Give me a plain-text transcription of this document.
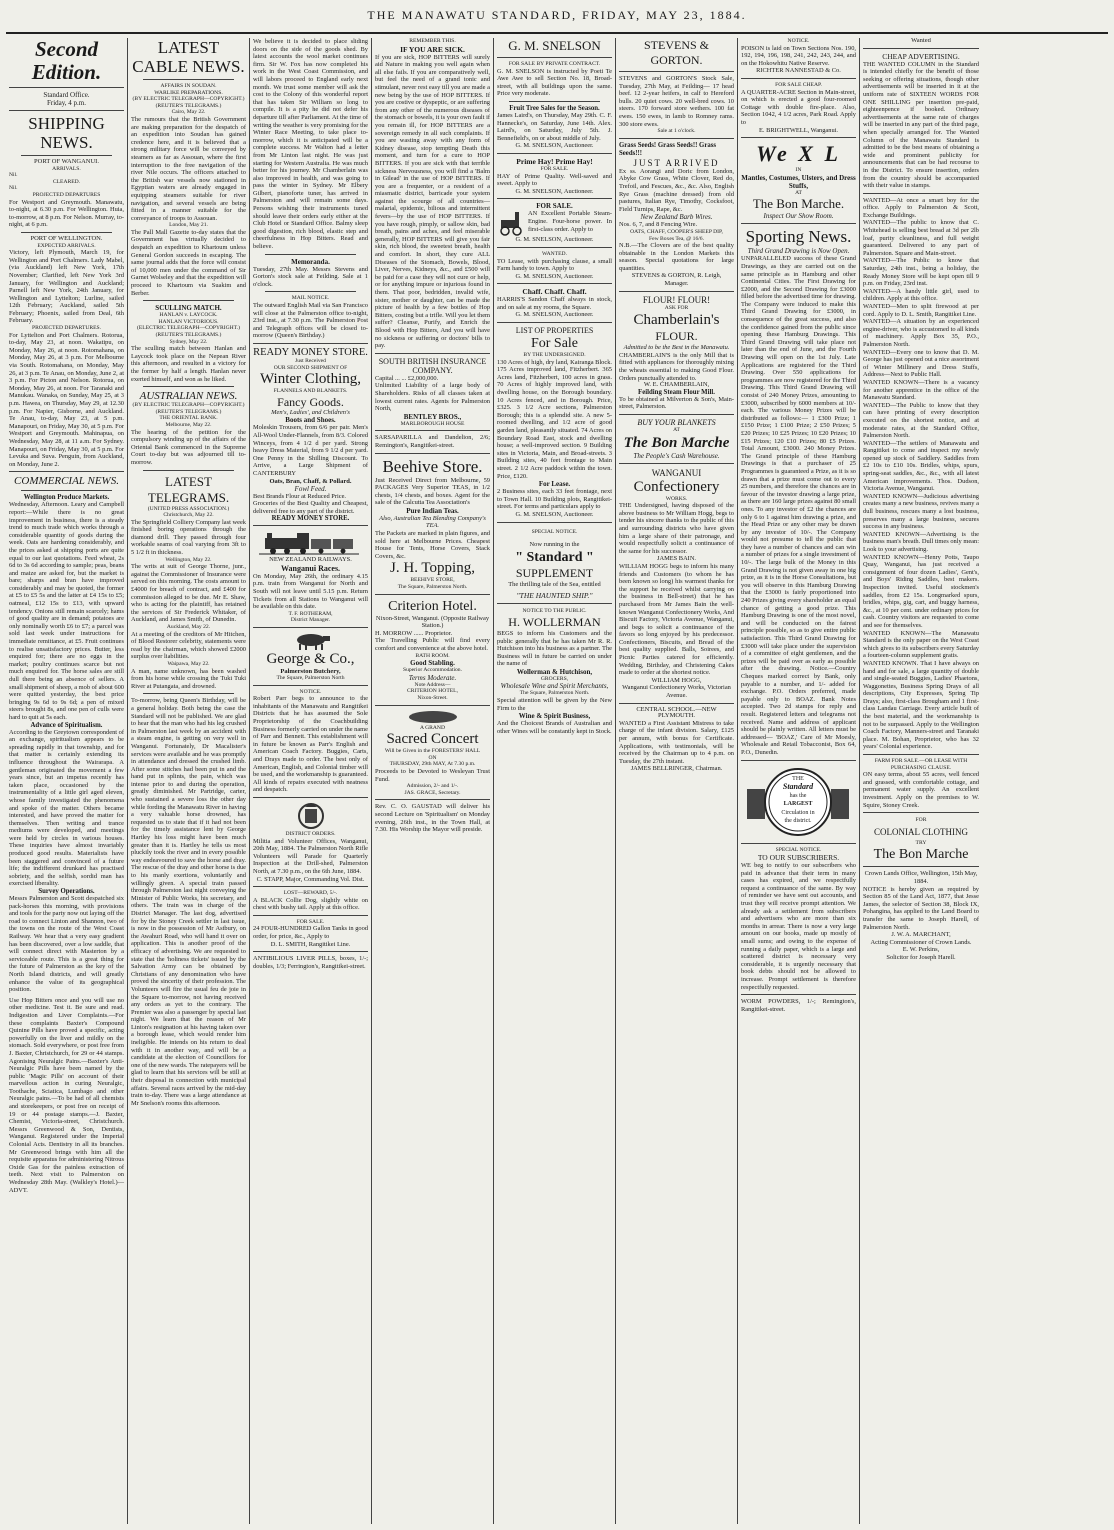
THE MANAWATU STANDARD, FRIDAY, MAY 23, 1884.
Second Edition.
Standard Office.
Friday, 4 p.m.
SHIPPING NEWS.
PORT OF WANGANUI.
ARRIVALS.
Nil.
CLEARED.
Nil.
PROJECTED DEPARTURES
For Westport and Greymouth. Manawatu, to-night, at 6.30 p.m. For Wellington. Huia, to-morrow, at 8 p.m. For Nelson. Murray, to-night, at 6 p.m.
PORT OF WELLINGTON.
EXPECTED ARRIVALS.
Victory, left Plymouth, March 19, for Wellington and Port Chalmers. Lady Mabel, (via Auckland) left New York, 17th November; Clarified, left New York 3rd January, for Wellington and Auckland; Parnell left New York, 24th January, for Wellington and Lyttelton; Lurline, sailed 12th February; Auckland, sailed 5th February; Phoenix, sailed from Deal, 6th February.
PROJECTED DEPARTURES.
For Lyttelton and Port Chalmers. Rotorua, to-day, May 23, at noon. Wakatipu, on Monday, May 26, at noon. Rotomahana, on Monday, May 26, at 3 p.m. For Melbourne via South. Rotomahana, on Monday, May 26, at 3 p.m. Te Anau, on Monday, June 2, at 3 p.m. For Picton and Nelson. Rotorua, on Monday, May 26, at noon. For Taranaki and Manukau. Wanaka, on Sunday, May 25, at 3 p.m. Hawea, on Thursday, May 29, at 12.30 p.m. For Napier, Gisborne, and Auckland. Te Anau, to-day, May 23, at 5 p.m. Manapouri, on Friday, May 30, at 5 p.m. For Westport and Greymouth. Mahinapua, on Wednesday, May 28, at 11 a.m. For Sydney. Manapouri, on Friday, May 30, at 5 p.m. For Levuka and Suva. Penguin, from Auckland, on Monday, June 2.
COMMERCIAL NEWS.
Wellington Produce Markets.
Wednesday, Afternoon. Leary and Campbell report:—While there is no great improvement in business, there is a steady trend to much trade which works through a considerable quantity of goods during the week. Oats are hardening considerably, and the prices asked at shipping ports are quite equal to our last quotations. Feed wheat, 2s 6d to 3s 6d according to sample; peas, beans and maize are asked for, but the market is bare; sharps and bran have improved considerably and may be quoted, the former at £5 to £5 5s and the latter at £4 15s to £5; oatmeal, £12 15s to £13, with upward tendency. Onions still remain scarcely; hams of good quality are in demand; potatoes are only nominally worth £6 to £7; a parcel was sold last week under instructions for immediate remittance, at £5. Fruit continues to realise unsatisfactory prices. Butter, less enquired for; there are no eggs in the market; poultry continues scarce but not much enquired for. The horse sales are still dull there being an absence of sellers. A small shipment of sheep, a mob of about 600 were quitted yesterday, the best price bringing 9s 6d to 9s 6d; a pen of mixed steers brought 8s, and one pen of culls were hard to quit at 5s each.
Advance of Spiritualism.
According to the Greytown correspondent of an exchange, spiritualism appears to be spreading rapidly in that township, and for that matter is certainly extending its influence throughout the Wairarapa. A gentleman originated the movement a few years since, but an impetus recently has taken place, occasioned by the instrumentality of a little girl aged eleven, whose family investigated the phenomena and spoke of the matter. Others became interested, and have proved the matter for themselves. Then writing and trance mediums were developed, and meetings were held by circles in various houses. These inquiries have almost invariably produced good results. Materialists have been staggered and convinced of a future life; the indifferent drunkard has practised sobriety, and the selfish, sordid man has exercised liberality.
Survey Operations.
Messrs Palmerston and Scott despatched six pack-horses this morning, with provisions and tools for the party now out laying off the road to connect Linton and Shannon, two of the towns on the route of the West Coast Railway. We hear that a very easy gradient has been discovered, over a low saddle, that will connect direct with Masterton by a serviceable route. This is a great thing for the future of Palmerston as the key of the North Island districts, and will greatly enhance the value of its geographical position.
Use Hop Bitters once and you will use no other medicine. Test it. Be sure and read. Indigestion and Liver Complaints.—For these complaints Baxter's Compound Quinine Pills have proved a specific, acting powerfully on the liver and mildly on the stomach. Sold everywhere, or post free from J. Baxter, Christchurch, for 29 or 44 stamps. Agonising Neuralgic Pains.—Baxter's Anti-Neuralgic Pills have been named by the public 'Magic Pills' on account of their marvellous action in curing Neuralgic, Toothache, Sciatica, Lumbago and other Neuralgic pains.—To be had of all chemists and storekeepers, or post free on receipt of 19 or 44 postage stamps.—J. Baxter, Chemist, Victoria-street, Christchurch. Messrs Greenwood & Son, Dentists, Wanganui. Registered under the Imperial Colonial Acts. Dentistry in all its branches. Mr Greenwood brings with him all the requisite apparatus for administering Nitrous Oxide Gas for the painless extraction of teeth. Next visit to Palmerston on Wednesday 28th May. (Walkley's Hotel.)—ADVT.
LATEST CABLE NEWS.
AFFAIRS IN SOUDAN.
WARLIKE PREPARATIONS.
(BY ELECTRIC TELEGRAPH—COPYRIGHT.) (REUTER'S TELEGRAMS.)
Cairo, May 22.
The rumours that the British Government are making preparation for the despatch of an expedition into Soudan has gained credence here, and it is believed that a strong military force will be conveyed by steamers as far as Assouan, where the first interruption to the free navigation of the river Nile occurs. The officers attached to the British war vessels now stationed in Egyptian waters are already engaged in equipping steamers suitable for river navigation, and several vessels are being fitted in a manner suitable for the conveyance of troops to Assouan.
London, May 21.
The Pall Mall Gazette to-day states that the Government has virtually decided to despatch an expedition to Khartoum unless General Gordon succeeds in escaping. The same journal adds that the force will consist of 10,000 men under the command of Sir Garnet Wolseley and that the expedition will proceed to Khartoum via Suakim and Berber.
SCULLING MATCH.
HANLAN v. LAYCOCK.
HANLAN VICTORIOUS.
(ELECTRIC TELEGRAPH—COPYRIGHT.) (REUTER'S TELEGRAMS.)
Sydney, May 22.
The sculling match between Hanlan and Laycock took place on the Nepean River this afternoon, and resulted in a victory for the former by half a length. Hanlan never exerted himself, and won as he liked.
AUSTRALIAN NEWS.
(BY ELECTRIC TELEGRAPH—COPYRIGHT.) (REUTER'S TELEGRAMS.)
THE ORIENTAL BANK.
Melbourne, May 22.
The hearing of the petition for the compulsory winding up of the affairs of the Oriental Bank commenced in the Supreme Court to-day but was adjourned till to-morrow.
LATEST TELEGRAMS.
(UNITED PRESS ASSOCIATION.)
Christchurch, May 22.
The Springfield Colliery Company last week finished boring operations through the diamond drill. They passed through four workable seams of coal varying from 3ft to 5 1/2 ft in thickness.
Wellington, May 22.
The writs at suit of George Thorne, junr., against the Commissioner of Insurance were served on this morning. The costs amount to £4000 for breach of contract, and £400 for commission alleged to be due. Mr E. Shaw, who is acting for the plaintiff, has retained the services of Sir Frederick Whitaker, of Auckland, and James Smith, of Dunedin.
Auckland, May 22.
At a meeting of the creditors of Mr Hitchen, of Blood Restorer celebrity, statements were read by the chairman, which showed £2000 surplus over liabilities.
Waipawa, May 22.
A man, name unknown, has been washed from his horse while crossing the Tuki Tuki River at Putangata, and drowned.
To-morrow, being Queen's Birthday, will be a general holiday. Both being the case the Standard will not be published. We are glad to hear that the man who had his leg crushed in Palmerston last week by an accident with a steam engine, is getting on very well in Wanganui. Fortunately, Dr Macalister's services were available and he was promptly in attendance and dressed the crushed limb. After some stitches had been put in and the hand put in splints, the pain, which was intense prior to and during the operation, greatly diminished. Mr Partridge, carter, who sustained a severe loss the other day while fording the Manawatu River in having a very valuable horse drowned, has requested us to state that if it had not been for the timely assistance lent by George Hartley his loss might have been much greater than it is. Hartley he tells us most pluckily took the river and in every possible way endeavoured to save the horse and dray. The rescue of the dray and other horse is due to his manly exertions, voluntarily and willingly given. A special train passed through Palmerston last night conveying the Minister of Public Works, his secretary, and others. The train was in charge of the District Manager. The last dog, advertised for by the Stoney Creek settler in last issue, is now in the possession of Mr Astbury, on the Awahuri Road, who will hand it over on application. This is another proof of the efficacy of advertising. We are requested to state that the 'holiness tickets' issued by the Salvation Army can be obtained by Christians of any denomination who have proved the sincerity of their profession. The Volunteers will fire the usual feu de joie in the Square to-morrow, not having received any orders as yet to the contrary. The Premier was also a passenger by special last night. We learn that the reason of Mr Linton's resignation at his having taken over a borough lease, which would render him ineligible. He intends on his return to deal with it in another way, and will be a candidate at the election of Councillors for one of the new wards. The ratepayers will be glad to learn that his services will be still at their disposal in connection with municipal affairs. Several races arrived by the mid-day train to-day. There was a large attendance at Mr Snelson's rooms this afternoon.
We believe it is decided to place sliding doors on the side of the goods shed. By latest accounts the wool market continues firm. Sir W. Fox has now completed his work in the West Coast Commission, and will labors proceed to England early next month. We trust some member will ask the cost to the Colony of this wonderful report that has taken Sir William so long to compile. It is a pity he did not defer his departure till after Parliament. At the time of writing the weather is very promising for the Winter Race Meeting, to take place to-morrow, which it is anticipated will be a complete success. Mr Walton had a letter from Mr Linton last night. He was just starting for Western Australia. He was much better for his journey. Mr Chamberlain was also improved in health, and was going to pass the winter in Sydney. Mr Elbery Gilbert, pianoforte tuner, has arrived in Palmerston and will remain some days. Persons wishing their instruments tuned should leave their orders early either at the Club Hotel or Standard Office. Balmy sleep good digestion, rich blood, elastic step and cheerfulness in Hop Bitters. Read and believe.
Memoranda.
Tuesday, 27th May. Messrs Stevens and Gorton's stock sale at Feilding. Sale at 1 o'clock.
MAIL NOTICE.
The outward English Mail via San Francisco will close at the Palmerston office to-night, 23rd inst., at 7.30 p.m. The Palmerston Post and Telegraph offices will be closed to-morrow (Queen's Birthday.)
READY MONEY STORE.
Just Received
OUR SECOND SHIPMENT OF
Winter Clothing,
FLANNELS AND BLANKETS.
Fancy Goods.
Men's, Ladies', and Children's
Boots and Shoes.
Moleskin Trousers, from 6/6 per pair. Men's All-Wool Under-Flannels, from 8/3. Colored Winceys, from 4 1/2 d per yard. Strong heavy Dress Material, from 9 1/2 d per yard. One Penny in the Shilling Discount. To Arrive, a Large Shipment of CANTERBURY
Oats, Bran, Chaff, & Pollard.
Fowl Feed.
Best Brands Flour at Reduced Price.
Groceries of the Best Quality and Cheapest, delivered free to any part of the district.
READY MONEY STORE.
NEW ZEALAND RAILWAYS.
Wanganui Races.
On Monday, May 26th, the ordinary 4.15 p.m. train from Wanganui for North and South will not leave until 5.15 p.m. Return Tickets from all Stations to Wanganui will be available on this date.
T. F. ROTHERAM,
District Manager.
George & Co.,
Palmerston Butchery,
The Square, Palmerston North
NOTICE.
Robert Parr begs to announce to the inhabitants of the Manawatu and Rangitikei Districts that he has assumed the Sole Proprietorship of the Coachbuilding Business formerly carried on under the name of Parr and Bennett. This establishment will in future be known as Parr's English and American Coach Factory. Buggies, Carts, and Drays made to order. The best only of American, English, and Colonial timber will be used, and the workmanship is guaranteed. All kinds of repairs executed with neatness and despatch.
DISTRICT ORDERS.
Militia and Volunteer Offices, Wanganui, 20th May, 1884. The Palmerston North Rifle Volunteers will Parade for Quarterly Inspection at the Drill-shed, Palmerston North, at 7.30 p.m., on the 6th June, 1884.
C. STAPP, Major, Commanding Vol. Dist.
LOST—REWARD, 5/-.
A BLACK Collie Dog, slightly white on chest with bushy tail. Apply at this office.
FOR SALE.
24 FOUR-HUNDRED Gallon Tanks in good order, for price, &c., Apply to
D. L. SMITH, Rangitikei Line.
ANTIBILIOUS LIVER PILLS, boxes, 1/-; doubles, 1/3; Ferrington's, Rangitikei-street.
REMEMBER THIS.
IF YOU ARE SICK.
If you are sick, HOP BITTERS will surely aid Nature in making you well again when all else fails. If you are comparatively well, but feel the need of a grand tonic and stimulant, never rest easy till you are made a new being by the use of HOP BITTERS. If you are costive or dyspeptic, or are suffering from any other of the numerous diseases of the stomach or bowels, it is your own fault if you remain ill, for HOP BITTERS are a sovereign remedy in all such complaints. If you are wasting away with any form of Kidney disease, stop tempting Death this moment, and turn for a cure to HOP BITTERS. If you are sick with that terrible sickness Nervousness, you will find a 'Balm in Gilead' in the use of HOP BITTERS. If you are a frequenter, or a resident of a miasmatic district, barricade your system against the scourge of all countries—malarial, epidemic, bilious and intermittent fevers—by the use of HOP BITTERS. If you have rough, pimply, or sallow skin, bad breath, pains and aches, and feel miserable generally, HOP BITTERS will give you fair skin, rich blood, the sweetest breath, health and comfort. In short, they cure ALL Diseases of the Stomach, Bowels, Blood, Liver, Nerves, Kidneys, &c., and £500 will be paid for a case they will not cure or help, or for anything impure or injurious found in them. That poor, bedridden, invalid wife, sister, mother or daughter, can be made the picture of health by a few bottles of Hop Bitters, costing but a trifle. Will you let them suffer? Cleanse, Purify, and Enrich the Blood with Hop Bitters, And you will have no sickness or suffering or doctors' bills to pay.
SOUTH BRITISH INSURANCE COMPANY.
Capital ... ... £2,000,000.
Unlimited Liability of a large body of Shareholders. Risks of all classes taken at lowest current rates. Agents for Palmerston North,
BENTLEY BROS.,
MARLBOROUGH HOUSE
SARSAPARILLA and Dandelion, 2/6; Remington's, Rangitikei-street.
Beehive Store.
Just Received Direct from Melbourne, 59 PACKAGES Very Superior TEAS, in 1/2 chests, 1/4 chests, and boxes. Agent for the sale of the Calcutta Tea Association's
Pure Indian Teas.
Also, Australian Tea Blending Company's TEA.
The Packets are marked in plain figures, and sold here at Melbourne Prices. Cheapest House for Tents, Horse Covers, Stack Covers, &c.
J. H. Topping,
BEEHIVE STORE,
The Square, Palmerston North.
Criterion Hotel.
Nixon-Street, Wanganui. (Opposite Railway Station.)
H. MORROW ...... Proprietor.
The Travelling Public will find every comfort and convenience at the above hotel.
BATH ROOM.
Good Stabling.
Superior Accommodation.
Terms Moderate.
Note Address—
CRITERION HOTEL,
Nixon-Street.
A GRAND
Sacred Concert
Will be Given in the FORESTERS' HALL
ON
THURSDAY, 29th MAY, At 7.30 p.m.
Proceeds to be Devoted to Wesleyan Trust Fund.
Admission, 2/- and 1/-.
JAS. GRACE, Secretary.
Rev. C. O. GAUSTAD will deliver his second Lecture on 'Spiritualism' on Monday evening, 26th inst., in the Town Hall, at 7.30. His Worship the Mayor will preside.
G. M. SNELSON
FOR SALE BY PRIVATE CONTRACT.
G. M. SNELSON is instructed by Poeti Te Awe Awe to sell Section No. 18, Broad-street, with all buildings upon the same. Price very moderate.
Fruit Tree Sales for the Season.
James Laird's, on Thursday, May 29th. C. F. Hannecke's, on Saturday, June 14th. Alex. Laird's, on Saturday, July 5th. J. Bennefield's, on or about middle of July.
G. M. SNELSON, Auctioneer.
Prime Hay! Prime Hay!
FOR SALE.
HAY of Prime Quality. Well-saved and sweet. Apply to
G. M. SNELSON, Auctioneer.
FOR SALE.
AN Excellent Portable Steam-Engine. Four-horse power. In first-class order. Apply to
G. M. SNELSON, Auctioneer.
WANTED.
TO Lease, with purchasing clause, a small Farm handy to town. Apply to
G. M. SNELSON, Auctioneer.
Chaff. Chaff. Chaff.
HARRIS'S Sandon Chaff always in stock, and on sale at my rooms, the Square.
G. M. SNELSON, Auctioneer.
LIST OF PROPERTIES
For Sale
BY THE UNDERSIGNED.
130 Acres of high, dry land, Kairanga Block. 175 Acres improved land, Fitzherbert. 365 Acres land, Fitzherbert, 100 acres in grass. 70 Acres of highly improved land, with dwelling house, on the Borough boundary. 10 Acres fenced, and in Borough. Price, £325. 3 1/2 Acre sections, Palmerston Borough; this is a splendid site. A new 5-roomed dwelling, and 1/2 acre of good garden land, pleasantly situated. 74 Acres on Boundary Road East, stock and dwelling house; a well-improved section. 9 Building sites in Victoria, Main, and Broad-streets. 3 Building sites, 40 feet frontage to Main street. 2 1/2 Acre paddock within the town. Price, £120.
For Lease.
2 Business sites, each 33 feet frontage, next to Town Hall. 10 Building plots, Rangitikei-street. For terms and particulars apply to
G. M. SNELSON, Auctioneer.
SPECIAL NOTICE.
Now running in the
" Standard "
SUPPLEMENT
The thrilling tale of the Sea, entitled
"THE HAUNTED SHIP."
NOTICE TO THE PUBLIC.
H. WOLLERMAN
BEGS to inform his Customers and the public generally that he has taken Mr R. R. Hutchison into his business as a partner. The Business will in future be carried on under the name of
Wollerman & Hutchison,
GROCERS,
Wholesale Wine and Spirit Merchants,
The Square, Palmerston North.
Special attention will be given by the New Firm to the
Wine & Spirit Business,
And the Choicest Brands of Australian and other Wines will be constantly kept in Stock.
STEVENS & GORTON.
STEVENS and GORTON'S Stock Sale, Tuesday, 27th May, at Feilding— 17 head beef. 12 2-year heifers, in calf to Hereford bulls. 20 quiet cows. 20 well-bred cows. 10 steers. 170 forward store wethers. 100 fat ewes. 150 ewes, in lamb to Romney rams. 300 store ewes.
Sale at 1 o'clock.
Grass Seeds! Grass Seeds!! Grass Seeds!!!
JUST ARRIVED
Ex ss. Aorangi and Doric from London, Abyke Cow Grass, White Clover, Red do, Trefoil, and Fescues, &c., &c. Also, English Rye Grass (machine dressed) from old pastures, Italian Rye, Timothy, Cocksfoot, Field Turnips, Rape, &c.
New Zealand Barb Wires.
Nos. 6, 7, and 8 Fencing Wire.
OATS, CHAFF, COOPER'S SHEEP DIP,
Few Boxes Tea, @ 16/6.
N.B.—The Clovers are of the best quality obtainable in the London Markets this season. Special quotations for large quantities.
STEVENS & GORTON, R. Leigh, Manager.
FLOUR! FLOUR!
ASK FOR
Chamberlain's
FLOUR.
Admitted to be the Best in the Manawatu.
CHAMBERLAIN'S is the only Mill that is fitted with appliances for thoroughly mixing the wheats essential to making Good Flour. Orders punctually attended to.
W. E. CHAMBERLAIN,
Feilding Steam Flour Mill.
To be obtained at Milverton & Son's, Main-street, Palmerston.
BUY YOUR BLANKETS
AT
The Bon Marche
The People's Cash Warehouse.
WANGANUI
Confectionery
WORKS.
THE Undersigned, having disposed of the above business to Mr William Hogg, begs to tender his sincere thanks to the public of this and surrounding districts who have given him a large share of their patronage, and would respectfully solicit a continuance of the same for his successor.
JAMES BAIN.
WILLIAM HOGG begs to inform his many friends and Customers (to whom he has been known so long) his warmest thanks for the support he received whilst carrying on the business in Bell-street) that he has purchased from Mr James Bain the well-known Wanganui Confectionery Works, And Biscuit Factory, Victoria Avenue, Wanganui, and begs to solicit a continuance of the favors so long enjoyed by his predecessor. Confectioners, Biscuits, and Bread of the best quality supplied. Balls, Soirees, and Picnic Parties catered for efficiently. Wedding, Birthday, and Christening Cakes made to order at the shortest notice.
WILLIAM HOGG,
Wanganui Confectionery Works, Victorian Avenue.
CENTRAL SCHOOL.—NEW PLYMOUTH.
WANTED a First Assistant Mistress to take charge of the infant division. Salary, £125 per annum, with bonus for Certificate. Applications, with testimonials, will be received by the Chairman up to 4 p.m. on Tuesday, the 27th instant.
JAMES BELLRINGER, Chairman.
NOTICE.
POISON is laid on Town Sections Nos. 190, 192, 194, 196, 198, 241, 242, 243, 244, and on the Hokowhitu Native Reserve.
RICHTER NANNESTAD & Co.
FOR SALE CHEAP.
A QUARTER-ACRE Section in Main-street, on which is erected a good four-roomed Cottage with double fire-place. Also, Section 1042, 4 1/2 acres, Park Road. Apply to
E. BRIGHTWELL, Wanganui.
We X L
IN
Mantles, Costumes, Ulsters, and Dress Stuffs,
AT
The Bon Marche.
Inspect Our Show Room.
Sporting News.
Third Grand Drawing is Now Open.
UNPARALLELED success of these Grand Drawings, as they are carried out on the same principle as in Hamburg and other Continental Cities. The First Drawing for £2000, and the Second Drawing for £3000 filled before the advertised time for drawing. The Company were induced to make this Third Grand Drawing for £3000, in consequence of the great success, and also the confidence gained from the public since opening these Hamburg Drawings. This Third Grand Drawing will take place not later than the end of June, and the Fourth Drawing will open on the 1st July. Late Applications are registered for the Third Drawing. Over 550 applications for programmes are now registered for the Third Drawing. This Third Grand Drawing will consist of 240 Money Prizes, amounting to £3000, subscribed by 6000 members at 10/- each. The various Money Prizes will be distributed as follows:— 1 £300 Prize; 1 £150 Prize; 1 £100 Prize; 2 £50 Prizes; 5 £20 Prizes; 10 £25 Prizes; 10 £20 Prizes; 10 £15 Prizes; 120 £10 Prizes; 80 £5 Prizes. Total Amount, £3000. 240 Money Prizes. The Grand principle of these Hamburg Drawings is that a purchaser of 25 Programmes is guaranteed a Prize, as it is so drawn that a prize must come out to every 25 numbers, and therefore the chances are in favour of the investor drawing a large prize, as there are 160 large prizes against 80 small ones. To any investor of £2 the chances are only 6 to 1 against him drawing a prize, and the Head Prize or any other may be drawn by any investor of 10/-. The Company would not presume to tell the public that they have a number of chances and can win a number of prizes for a single investment of 10/-. The large bulk of the Money in this Grand Drawing is not given away in one big prize, as it is in the Horse Consultations, but you will observe in this Hamburg Drawing that the £3000 is fairly proportioned into 240 Prizes giving every shareholder an equal chance of getting a good prize. This Hamburg Drawing is one of the most novel, and will be conducted on the fairest principle possible, so as to give entire public satisfaction. This Third Grand Drawing for £3000 will take place under the supervision of a committee of eight gentlemen, and the prizes will be paid over as early as possible after the drawing. Notice.—Country Cheques marked correct by Bank, only payable to a number, and 1/- added for exchange. P.O. Orders preferred, made payable only to BOAZ. Bank Notes accepted. Two 2d stamps for reply and result. Registered letters and telegrams not received. Name and address of applicant should be plainly written. All letters must be addressed— 'BOAZ,' Care of Mr Moesly, Wholesale and Retail Tobacconist, Box 64, P.O., Dunedin.
THE
Standard
has the
LARGEST
Circulation in
the district.
SPECIAL NOTICE.
TO OUR SUBSCRIBERS.
WE beg to notify to our subscribers who paid in advance that their term in many cases has expired, and we respectfully request a continuance of the same. By way of reminder we have sent out accounts, and trust they will receive prompt attention. We already ask a settlement from subscribers and advertisers who are more than six months in arrear. There is now a very large amount on our books, made up mostly of small sums; and owing to the expense of running a daily paper, which is a large and scattered district is necessary very considerable, it is urgently necessary that book debts should not be allowed to increase. Prompt settlement is therefore respectfully requested.
WORM POWDERS, 1/-; Remington's, Rangitikei-street.
Wanted
CHEAP ADVERTISING.
THE WANTED COLUMN in the Standard is intended chiefly for the benefit of those seeking or offering situations, though other advertisements will be inserted in it at the uniform rate of SIXTEEN WORDS FOR ONE SHILLING per insertion pre-paid, eighteenpence if booked. Ordinary advertisements at the same rate of charges will be inserted in any part of the third page, when specially arranged for. The Wanted Column of the Manawatu Standard is admitted to be the best means of obtaining a wide and prominent publicity for announcements that can be had recourse to in the District. To ensure insertion, orders from the country should be accompanied with their value in stamps.
WANTED—At once a smart boy for the office. Apply to Palmerston & Scott, Exchange Buildings.
WANTED—The public to know that C. Whitehead is selling best bread at 3d per 2lb loaf, purity cleanliness, and full weight guaranteed. Delivered to any part of Palmerston. Square and Main-street.
WANTED—The Public to know that Saturday, 24th inst., being a holiday, the Ready Money Store will be kept open till 9 p.m. on Friday, 23rd inst.
WANTED—A handy little girl, used to children. Apply at this office.
WANTED—Men to split firewood at per cord. Apply to D. L. Smith, Rangitikei Line.
WANTED—A situation by an experienced engine-driver, who is accustomed to all kinds of machinery. Apply Box 35, P.O., Palmerston North.
WANTED—Every one to know that D. M. George has just opened out a nice assortment of Winter Millinery and Dress Stuffs, Address—Next to Public Hall.
WANTED KNOWN—There is a vacancy for another apprentice in the office of the Manawatu Standard.
WANTED—The Public to know that they can have printing of every description executed on the shortest notice, and at moderate rates, at the Standard Office, Palmerston North.
WANTED—The settlers of Manawatu and Rangitikei to come and inspect my newly opened up stock of Saddlery. Saddles from £2 10s to £10 10s. Bridles, whips, spurs, spring-seat saddles, &c., &c., with all latest American improvements. Thos. Dudson, Victoria Avenue, Wanganui.
WANTED KNOWN—Judicious advertising creates many a new business, revives many a dull business, rescues many a lost business, preserves many a large business, secures success in any business.
WANTED KNOWN—Advertising is the business man's breath. Dull times only mean: Look to your advertising.
WANTED KNOWN—Henry Potts, Taupo Quay, Wanganui, has just received a consignment of four dozen Ladies', Gent's, and Boys' Riding Saddles, best makers. Inspection invited. Useful stockmen's saddles, from £2 15s. Longmarked spurs, bridles, whips, gig, cart, and buggy harness, &c., at 10 per cent. under ordinary prices for cash. Country visitors are requested to come and see for themselves.
WANTED KNOWN—The Manawatu Standard is the only paper on the West Coast which gives to its subscribers every Saturday a fourteen-column supplement gratis.
WANTED KNOWN. That I have always on hand and for sale, a large quantity of double and single-seated Buggies, Ladies' Phaetons, Waggonettes, Business Spring Drays of all descriptions, City Expresses, Spring Tip Drays; also, first-class Brougham and 1 first-class Landau Carriage. Every article built of the best material, and the workmanship is not to be surpassed. Apply to the Wellington Coach Factory, Manners-street and Taranaki place. M. Bohan, Proprietor, who has 32 years' Colonial experience.
FARM FOR SALE.—OR LEASE WITH PURCHASING CLAUSE.
ON easy terms, about 55 acres, well fenced and grassed, with comfortable cottage, and permanent water supply. An excellent investment. Apply on the premises to W. Squire, Stoney Creek.
FOR
COLONIAL CLOTHING
TRY
The Bon Marche
Crown Lands Office, Wellington, 15th May, 1884.
NOTICE is hereby given as required by Section 85 of the Land Act, 1877, that Jesse James, the selector of Section 38, Block IX, Pohangina, has applied to the Land Board to transfer the same to Joseph Harell, of Palmerston North.
J. W. A. MARCHANT,
Acting Commissioner of Crown Lands.
E. W. Perkins,
Solicitor for Joseph Harell.
